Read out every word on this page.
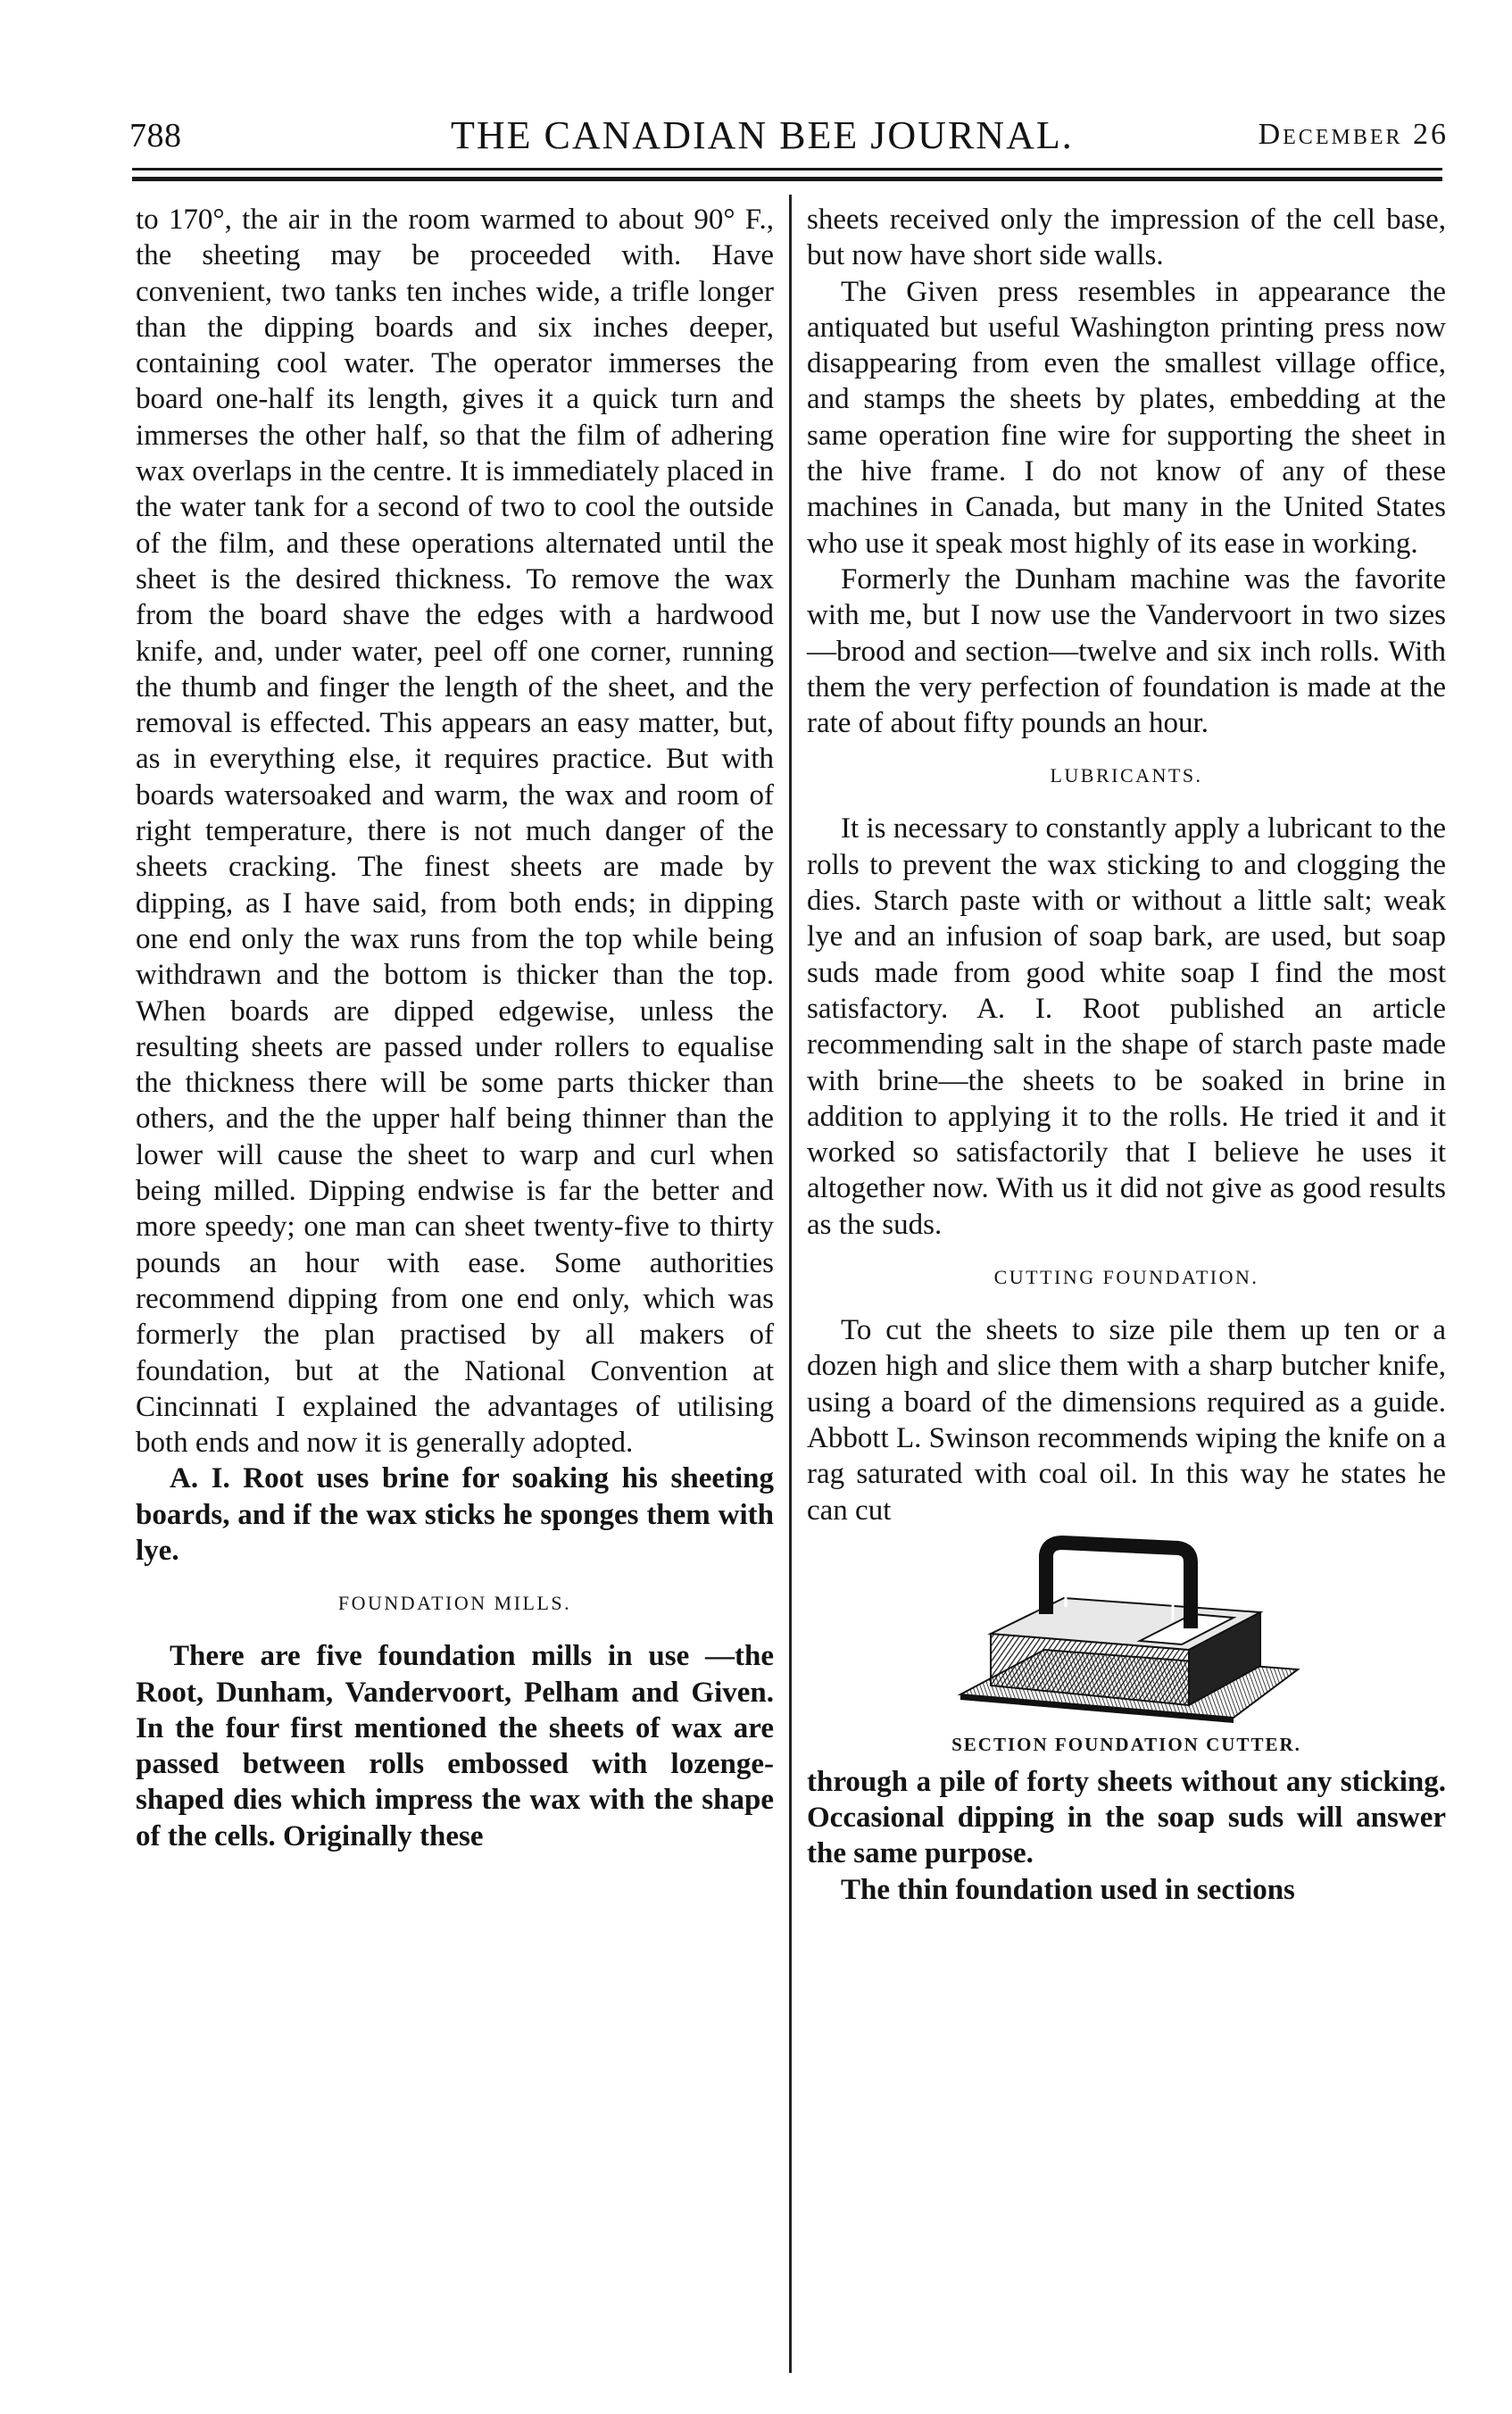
788	THE CANADIAN BEE JOURNAL.	December 26

to 170°, the air in the room warmed to about 90° F., the sheeting may be proceeded with. Have convenient, two tanks ten inches wide, a trifle longer than the dipping boards and six inches deeper, containing cool water. The operator immerses the board one-half its length, gives it a quick turn and immerses the other half, so that the film of adhering wax overlaps in the centre. It is immediately placed in the water tank for a second of two to cool the outside of the film, and these operations alternated until the sheet is the desired thickness. To remove the wax from the board shave the edges with a hardwood knife, and, under water, peel off one corner, running the thumb and finger the length of the sheet, and the removal is effected. This appears an easy matter, but, as in everything else, it requires practice. But with boards watersoaked and warm, the wax and room of right temperature, there is not much danger of the sheets cracking. The finest sheets are made by dipping, as I have said, from both ends; in dipping one end only the wax runs from the top while being withdrawn and the bottom is thicker than the top. When boards are dipped edgewise, unless the resulting sheets are passed under rollers to equalise the thickness there will be some parts thicker than others, and the the upper half being thinner than the lower will cause the sheet to warp and curl when being milled. Dipping endwise is far the better and more speedy; one man can sheet twenty-five to thirty pounds an hour with ease. Some authorities recommend dipping from one end only, which was formerly the plan practised by all makers of foundation, but at the National Convention at Cincinnati I explained the advantages of utilising both ends and now it is generally adopted.

A. I. Root uses brine for soaking his sheeting boards, and if the wax sticks he sponges them with lye.

FOUNDATION MILLS.

There are five foundation mills in use —the Root, Dunham, Vandervoort, Pelham and Given. In the four first mentioned the sheets of wax are passed between rolls embossed with lozenge-shaped dies which impress the wax with the shape of the cells. Originally these

sheets received only the impression of the cell base, but now have short side walls.

The Given press resembles in appearance the antiquated but useful Washington printing press now disappearing from even the smallest village office, and stamps the sheets by plates, embedding at the same operation fine wire for supporting the sheet in the hive frame. I do not know of any of these machines in Canada, but many in the United States who use it speak most highly of its ease in working.

Formerly the Dunham machine was the favorite with me, but I now use the Vandervoort in two sizes—brood and section—twelve and six inch rolls. With them the very perfection of foundation is made at the rate of about fifty pounds an hour.

LUBRICANTS.

It is necessary to constantly apply a lubricant to the rolls to prevent the wax sticking to and clogging the dies. Starch paste with or without a little salt; weak lye and an infusion of soap bark, are used, but soap suds made from good white soap I find the most satisfactory. A. I. Root published an article recommending salt in the shape of starch paste made with brine—the sheets to be soaked in brine in addition to applying it to the rolls. He tried it and it worked so satisfactorily that I believe he uses it altogether now. With us it did not give as good results as the suds.

CUTTING FOUNDATION.

To cut the sheets to size pile them up ten or a dozen high and slice them with a sharp butcher knife, using a board of the dimensions required as a guide. Abbott L. Swinson recommends wiping the knife on a rag saturated with coal oil. In this way he states he can cut

SECTION FOUNDATION CUTTER.

through a pile of forty sheets without any sticking. Occasional dipping in the soap suds will answer the same purpose.

The thin foundation used in sections
